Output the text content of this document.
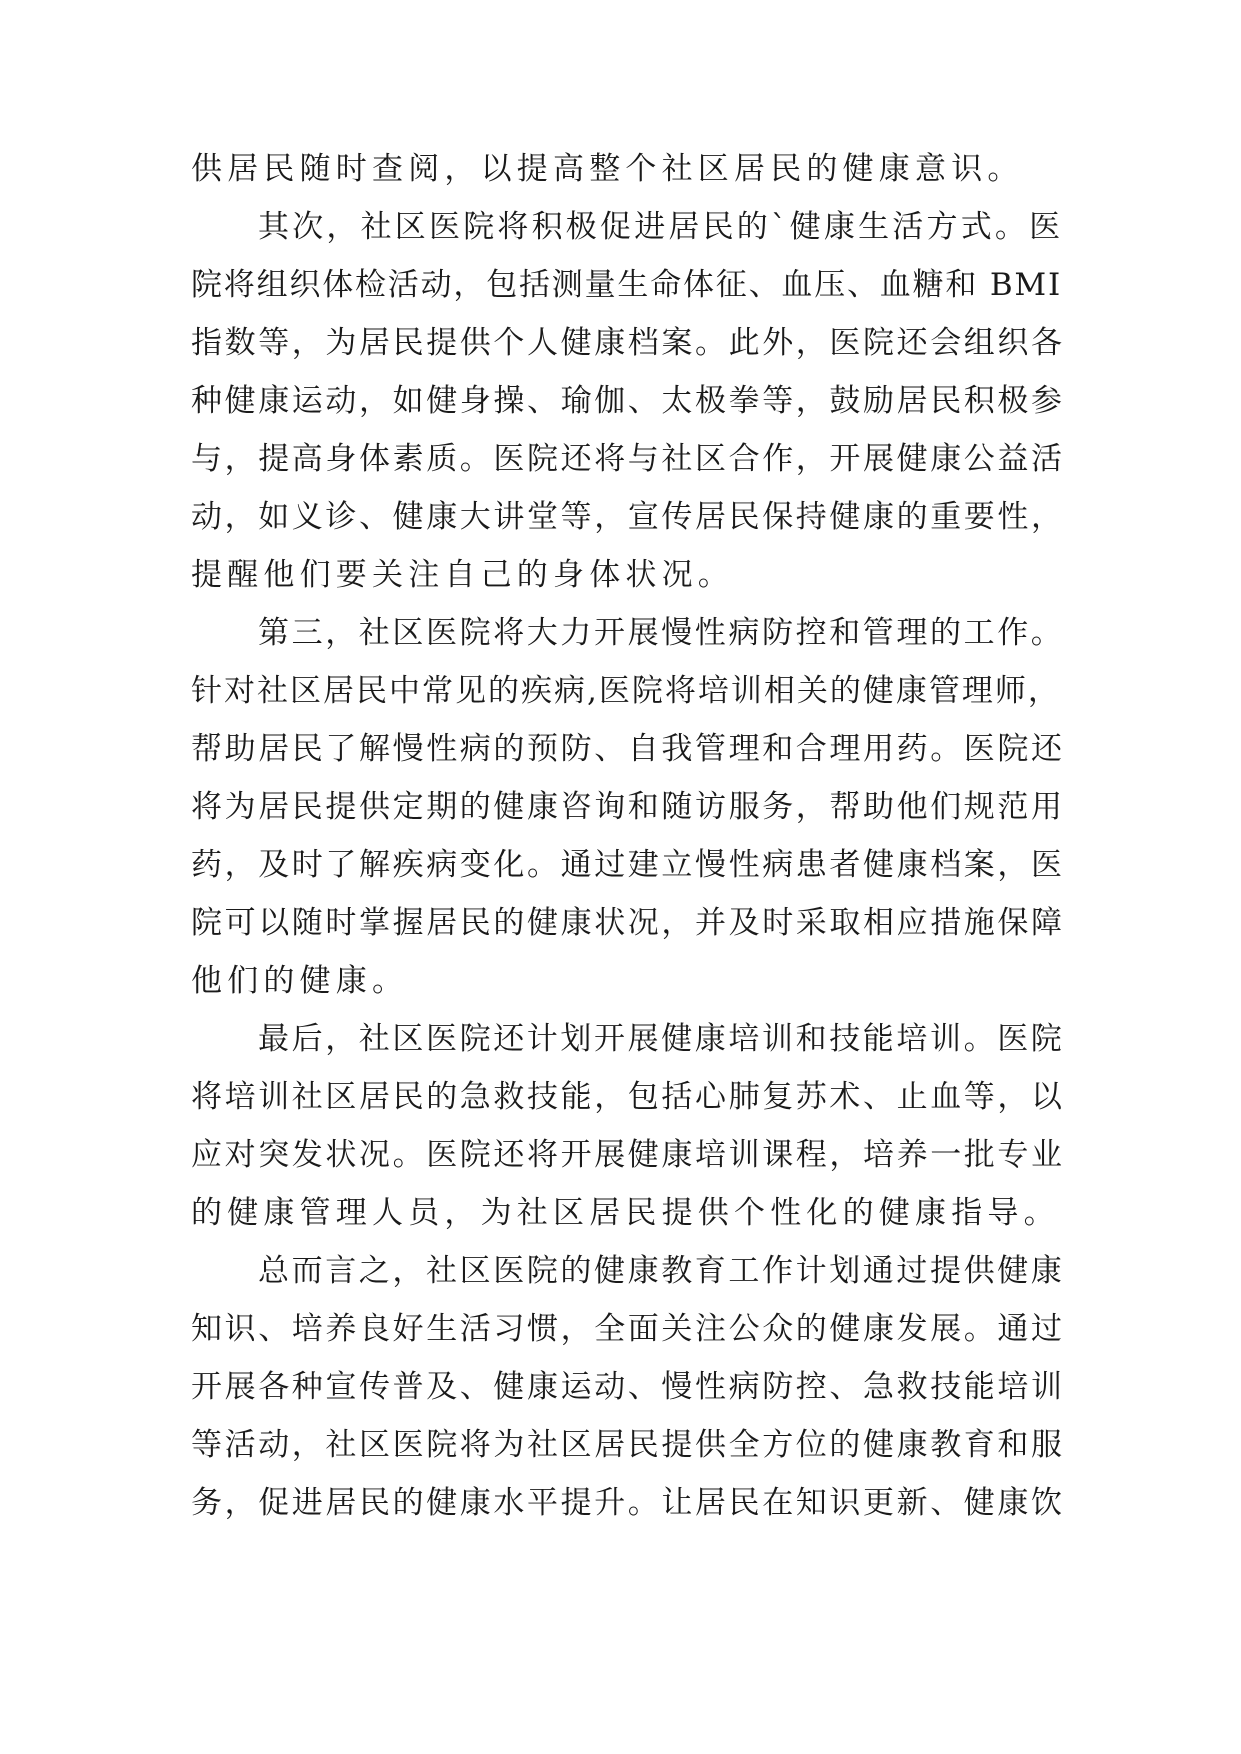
供居民随时查阅，以提高整个社区居民的健康意识。

其次，社区医院将积极促进居民的`健康生活方式。医

院将组织体检活动，包括测量生命体征、血压、血糖和 BMI

指数等，为居民提供个人健康档案。此外，医院还会组织各

种健康运动，如健身操、瑜伽、太极拳等，鼓励居民积极参

与，提高身体素质。医院还将与社区合作，开展健康公益活

动，如义诊、健康大讲堂等，宣传居民保持健康的重要性，

提醒他们要关注自己的身体状况。

第三，社区医院将大力开展慢性病防控和管理的工作。

针对社区居民中常见的疾病,医院将培训相关的健康管理师，

帮助居民了解慢性病的预防、自我管理和合理用药。医院还

将为居民提供定期的健康咨询和随访服务，帮助他们规范用

药，及时了解疾病变化。通过建立慢性病患者健康档案，医

院可以随时掌握居民的健康状况，并及时采取相应措施保障

他们的健康。

最后，社区医院还计划开展健康培训和技能培训。医院

将培训社区居民的急救技能，包括心肺复苏术、止血等，以

应对突发状况。医院还将开展健康培训课程，培养一批专业

的健康管理人员，为社区居民提供个性化的健康指导。

总而言之，社区医院的健康教育工作计划通过提供健康

知识、培养良好生活习惯，全面关注公众的健康发展。通过

开展各种宣传普及、健康运动、慢性病防控、急救技能培训

等活动，社区医院将为社区居民提供全方位的健康教育和服

务，促进居民的健康水平提升。让居民在知识更新、健康饮
